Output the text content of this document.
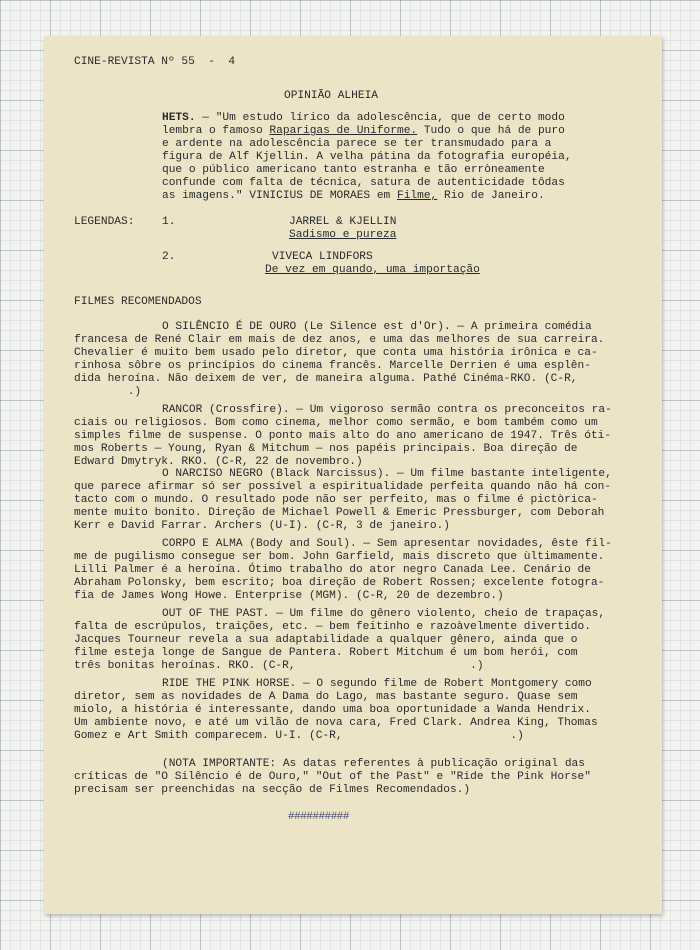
CINE-REVISTA Nº 55  -  4
OPINIÃO ALHEIA
HETS. — "Um estudo lírico da adolescência, que de certo modo
lembra o famoso Raparigas de Uniforme. Tudo o que há de puro
e ardente na adolescência parece se ter transmudado para a
figura de Alf Kjellin. A velha pátina da fotografia européia,
que o público americano tanto estranha e tão erròneamente
confunde com falta de técnica, satura de autenticidade tôdas
as imagens." VINICIUS DE MORAES em Filme, Rio de Janeiro.
LEGENDAS: 1.	JARREL & KJELLIN
Sadismo e pureza
2.	VIVECA LINDFORS
De vez em quando, uma importação
FILMES RECOMENDADOS
O SILÊNCIO É DE OURO (Le Silence est d'Or). — A primeira comédia
francesa de René Clair em mais de dez anos, e uma das melhores de sua carreira.
Chevalier é muito bem usado pelo diretor, que conta uma história irônica e ca-
rinhosa sôbre os princípios do cinema francês. Marcelle Derrien é uma esplên-
dida heroína. Não deixem de ver, de maneira alguma. Pathé Cinéma-RKO. (C-R,
.)
RANCOR (Crossfire). — Um vigoroso sermão contra os preconceitos ra-
ciais ou religiosos. Bom como cinema, melhor como sermão, e bom também como um
simples filme de suspense. O ponto mais alto do ano americano de 1947. Três óti-
mos Roberts — Young, Ryan & Mitchum — nos papéis principais. Boa direção de
Edward Dmytryk. RKO. (C-R, 22 de novembro.)
O NARCISO NEGRO (Black Narcissus). — Um filme bastante inteligente,
que parece afirmar só ser possível a espiritualidade perfeita quando não há con-
tacto com o mundo. O resultado pode não ser perfeito, mas o filme é pictòrica-
mente muito bonito. Direção de Michael Powell & Emeric Pressburger, com Deborah
Kerr e David Farrar. Archers (U-I). (C-R, 3 de janeiro.)
CORPO E ALMA (Body and Soul). — Sem apresentar novidades, êste fil-
me de pugilismo consegue ser bom. John Garfield, mais discreto que ùltimamente.
Lilli Palmer é a heroína. Ótimo trabalho do ator negro Canada Lee. Cenário de
Abraham Polonsky, bem escrito; boa direção de Robert Rossen; excelente fotogra-
fia de James Wong Howe. Enterprise (MGM). (C-R, 20 de dezembro.)
OUT OF THE PAST. — Um filme do gênero violento, cheio de trapaças,
falta de escrúpulos, traições, etc. — bem feitinho e razoàvelmente divertido.
Jacques Tourneur revela a sua adaptabilidade a qualquer gênero, ainda que o
filme esteja longe de Sangue de Pantera. Robert Mitchum é um bom herói, com
três bonitas heroínas. RKO. (C-R,                          .)
RIDE THE PINK HORSE. — O segundo filme de Robert Montgomery como
diretor, sem as novidades de A Dama do Lago, mas bastante seguro. Quase sem
miolo, a história é interessante, dando uma boa oportunidade a Wanda Hendrix.
Um ambiente novo, e até um vilão de nova cara, Fred Clark. Andrea King, Thomas
Gomez e Art Smith comparecem. U-I. (C-R,                         .)
(NOTA IMPORTANTE: As datas referentes à publicação original das
críticas de "O Silêncio é de Ouro," "Out of the Past" e "Ride the Pink Horse"
precisam ser preenchidas na secção de Filmes Recomendados.)
##########
